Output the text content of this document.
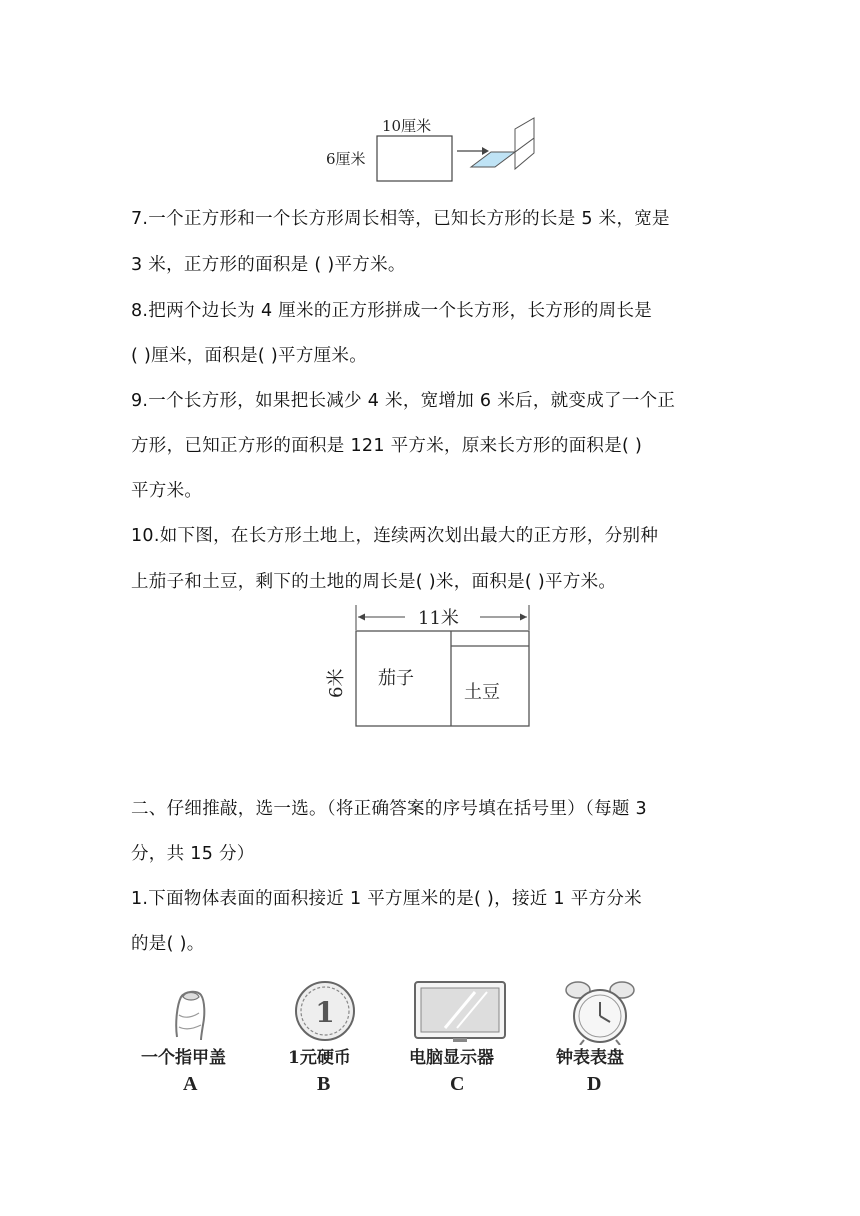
10厘米
6厘米
7.一个正方形和一个长方形周长相等，已知长方形的长是 5 米，宽是
3 米，正方形的面积是 ( )平方米。
8.把两个边长为 4 厘米的正方形拼成一个长方形，长方形的周长是
( )厘米，面积是( )平方厘米。
9.一个长方形，如果把长减少 4 米，宽增加 6 米后，就变成了一个正
方形，已知正方形的面积是 121 平方米，原来长方形的面积是( )
平方米。
10.如下图，在长方形土地上，连续两次划出最大的正方形，分别种
上茄子和土豆，剩下的土地的周长是( )米，面积是( )平方米。
11米
6米 茄子
土豆
二、仔细推敲，选一选。（将正确答案的序号填在括号里）（每题 3
分，共 15 分）
1.下面物体表面的面积接近 1 平方厘米的是( )，接近 1 平方分米
的是( )。
一个指甲盖
A
1
1元硬币
B
电脑显示器
C
钟表表盘
D
